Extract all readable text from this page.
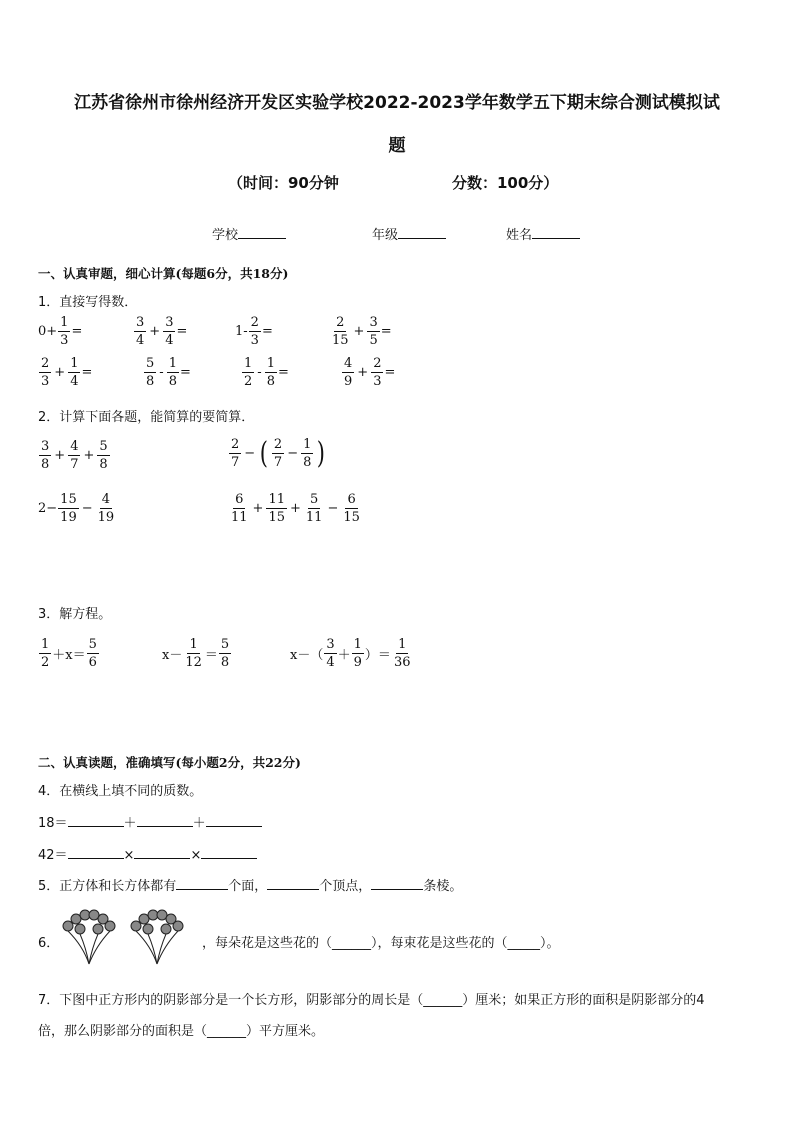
江苏省徐州市徐州经济开发区实验学校2022-2023学年数学五下期末综合测试模拟试
题
（时间：90分钟	分数：100分）
学校	年级	姓名
一、认真审题，细心计算(每题6分，共18分)
1．直接写得数．
$0+ \frac{1}{3}$ =	$\frac{3}{4} + \frac{3}{4}$ =	$1- \frac{2}{3}$ =	$\frac{2}{15} + \frac{3}{5}$ =
$\frac{2}{3} + \frac{1}{4}$ =	$\frac{5}{8} - \frac{1}{8}$ =	$\frac{1}{2} - \frac{1}{8}$ =	$\frac{4}{9} + \frac{2}{3}$ =
2．计算下面各题，能简算的要简算．
$\frac{3}{8} + \frac{4}{7} + \frac{5}{8}$	$\frac{2}{7}$ − ( $\frac{2}{7} - \frac{1}{8}$ )
$2- \frac{15}{19} - \frac{4}{19}$	$\frac{6}{11} + \frac{11}{15} + \frac{5}{11} - \frac{6}{15}$
3．解方程。
$\frac{1}{2} +x= \frac{5}{6}$	$x- \frac{1}{12} = \frac{5}{8}$	$x-( \frac{3}{4} + \frac{1}{9}$ ）＝ $\frac{1}{36}$
二、认真读题，准确填写(每小题2分，共22分)
4．在横线上填不同的质数。
18＝	＋	＋
42＝	×	×
5．正方体和长方体都有	个面，	个顶点，	条棱。
6．	，每朵花是这些花的（______），每束花是这些花的（_____）。
7．下图中正方形内的阴影部分是一个长方形，阴影部分的周长是（______）厘米；如果正方形的面积是阴影部分的4
倍，那么阴影部分的面积是（______）平方厘米。
